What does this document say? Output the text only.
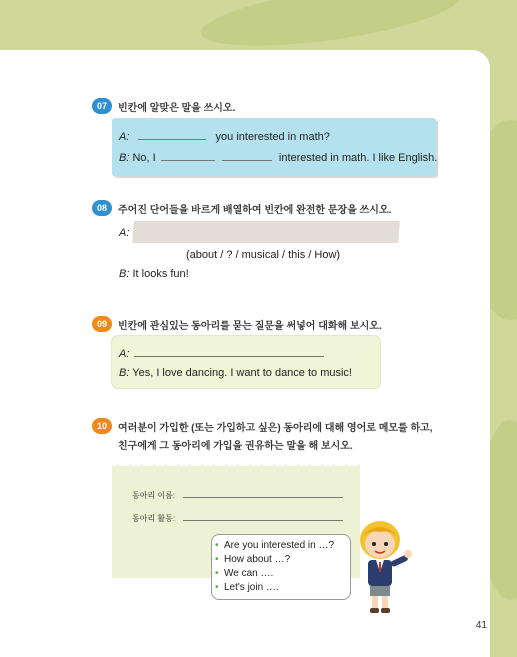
07	빈칸에 알맞은 말을 쓰시오.
A:	you interested in math?
B: No, I	interested in math. I like English.
08	주어진 단어들을 바르게 배열하여 빈칸에 완전한 문장을 쓰시오.
A:
(about / ? / musical / this / How)
B: It looks fun!
09	빈칸에 관심있는 동아리를 묻는 질문을 써넣어 대화해 보시오.
A:
B: Yes, I love dancing. I want to dance to music!
10	여러분이 가입한 (또는 가입하고 싶은) 동아리에 대해 영어로 메모를 하고,
친구에게 그 동아리에 가입을 권유하는 말을 해 보시오.
동아리 이름:
동아리 활동:
• Are you interested in …?
• How about …?
• We can ….
• Let's join ….
41
